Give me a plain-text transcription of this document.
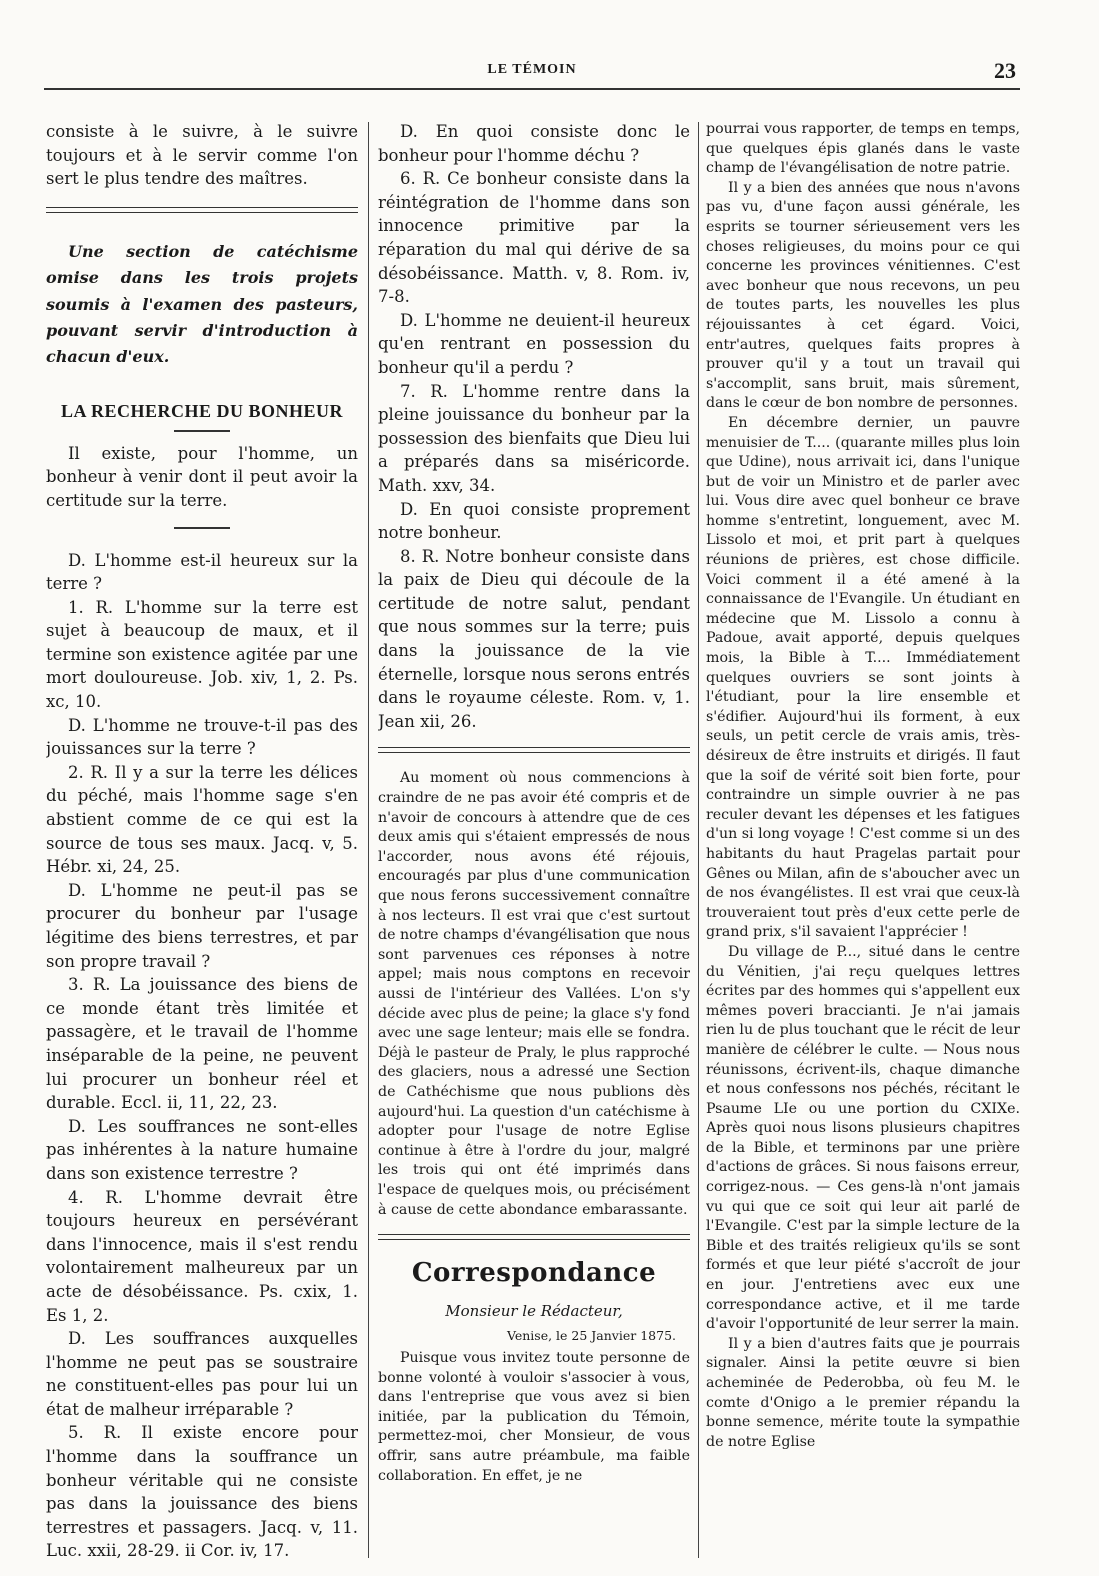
LE TÉMOIN	23

consiste à le suivre, à le suivre toujours et à le servir comme l'on sert le plus tendre des maîtres.

Une section de catéchisme omise dans les trois projets soumis à l'examen des pasteurs, pouvant servir d'introduction à chacun d'eux.

LA RECHERCHE DU BONHEUR

Il existe, pour l'homme, un bonheur à venir dont il peut avoir la certitude sur la terre.

D. L'homme est-il heureux sur la terre ?

1. R. L'homme sur la terre est sujet à beaucoup de maux, et il termine son existence agitée par une mort douloureuse. Job. xiv, 1, 2. Ps. xc, 10.

D. L'homme ne trouve-t-il pas des jouissances sur la terre ?

2. R. Il y a sur la terre les délices du péché, mais l'homme sage s'en abstient comme de ce qui est la source de tous ses maux. Jacq. v, 5. Hébr. xi, 24, 25.

D. L'homme ne peut-il pas se procurer du bonheur par l'usage légitime des biens terrestres, et par son propre travail ?

3. R. La jouissance des biens de ce monde étant très limitée et passagère, et le travail de l'homme inséparable de la peine, ne peuvent lui procurer un bonheur réel et durable. Eccl. ii, 11, 22, 23.

D. Les souffrances ne sont-elles pas inhérentes à la nature humaine dans son existence terrestre ?

4. R. L'homme devrait être toujours heureux en persévérant dans l'innocence, mais il s'est rendu volontairement malheureux par un acte de désobéissance. Ps. cxix, 1. Es 1, 2.

D. Les souffrances auxquelles l'homme ne peut pas se soustraire ne constituent-elles pas pour lui un état de malheur irréparable ?

5. R. Il existe encore pour l'homme dans la souffrance un bonheur véritable qui ne consiste pas dans la jouissance des biens terrestres et passagers. Jacq. v, 11. Luc. xxii, 28-29. ii Cor. iv, 17.

D. En quoi consiste donc le bonheur pour l'homme déchu ?

6. R. Ce bonheur consiste dans la réintégration de l'homme dans son innocence primitive par la réparation du mal qui dérive de sa désobéissance. Matth. v, 8. Rom. iv, 7-8.

D. L'homme ne deuient-il heureux qu'en rentrant en possession du bonheur qu'il a perdu ?

7. R. L'homme rentre dans la pleine jouissance du bonheur par la possession des bienfaits que Dieu lui a préparés dans sa miséricorde. Math. xxv, 34.

D. En quoi consiste proprement notre bonheur.

8. R. Notre bonheur consiste dans la paix de Dieu qui découle de la certitude de notre salut, pendant que nous sommes sur la terre; puis dans la jouissance de la vie éternelle, lorsque nous serons entrés dans le royaume céleste. Rom. v, 1. Jean xii, 26.

Au moment où nous commencions à craindre de ne pas avoir été compris et de n'avoir de concours à attendre que de ces deux amis qui s'étaient empressés de nous l'accorder, nous avons été réjouis, encouragés par plus d'une communication que nous ferons successivement connaître à nos lecteurs. Il est vrai que c'est surtout de notre champs d'évangélisation que nous sont parvenues ces réponses à notre appel; mais nous comptons en recevoir aussi de l'intérieur des Vallées. L'on s'y décide avec plus de peine; la glace s'y fond avec une sage lenteur; mais elle se fondra. Déjà le pasteur de Praly, le plus rapproché des glaciers, nous a adressé une Section de Cathéchisme que nous publions dès aujourd'hui. La question d'un catéchisme à adopter pour l'usage de notre Eglise continue à être à l'ordre du jour, malgré les trois qui ont été imprimés dans l'espace de quelques mois, ou précisément à cause de cette abondance embarassante.

Correspondance
Monsieur le Rédacteur,
Venise, le 25 Janvier 1875.

Puisque vous invitez toute personne de bonne volonté à vouloir s'associer à vous, dans l'entreprise que vous avez si bien initiée, par la publication du Témoin, permettez-moi, cher Monsieur, de vous offrir, sans autre préambule, ma faible collaboration. En effet, je ne

pourrai vous rapporter, de temps en temps, que quelques épis glanés dans le vaste champ de l'évangélisation de notre patrie.

Il y a bien des années que nous n'avons pas vu, d'une façon aussi générale, les esprits se tourner sérieusement vers les choses religieuses, du moins pour ce qui concerne les provinces vénitiennes. C'est avec bonheur que nous recevons, un peu de toutes parts, les nouvelles les plus réjouissantes à cet égard. Voici, entr'autres, quelques faits propres à prouver qu'il y a tout un travail qui s'accomplit, sans bruit, mais sûrement, dans le cœur de bon nombre de personnes.

En décembre dernier, un pauvre menuisier de T.... (quarante milles plus loin que Udine), nous arrivait ici, dans l'unique but de voir un Ministro et de parler avec lui. Vous dire avec quel bonheur ce brave homme s'entretint, longuement, avec M. Lissolo et moi, et prit part à quelques réunions de prières, est chose difficile. Voici comment il a été amené à la connaissance de l'Evangile. Un étudiant en médecine que M. Lissolo a connu à Padoue, avait apporté, depuis quelques mois, la Bible à T.... Immédiatement quelques ouvriers se sont joints à l'étudiant, pour la lire ensemble et s'édifier. Aujourd'hui ils forment, à eux seuls, un petit cercle de vrais amis, très-désireux de être instruits et dirigés. Il faut que la soif de vérité soit bien forte, pour contraindre un simple ouvrier à ne pas reculer devant les dépenses et les fatigues d'un si long voyage ! C'est comme si un des habitants du haut Pragelas partait pour Gênes ou Milan, afin de s'aboucher avec un de nos évangélistes. Il est vrai que ceux-là trouveraient tout près d'eux cette perle de grand prix, s'il savaient l'apprécier !

Du village de P..., situé dans le centre du Vénitien, j'ai reçu quelques lettres écrites par des hommes qui s'appellent eux mêmes poveri braccianti. Je n'ai jamais rien lu de plus touchant que le récit de leur manière de célébrer le culte. — Nous nous réunissons, écrivent-ils, chaque dimanche et nous confessons nos péchés, récitant le Psaume LIe ou une portion du CXIXe. Après quoi nous lisons plusieurs chapitres de la Bible, et terminons par une prière d'actions de grâces. Si nous faisons erreur, corrigez-nous. — Ces gens-là n'ont jamais vu qui que ce soit qui leur ait parlé de l'Evangile. C'est par la simple lecture de la Bible et des traités religieux qu'ils se sont formés et que leur piété s'accroît de jour en jour. J'entretiens avec eux une correspondance active, et il me tarde d'avoir l'opportunité de leur serrer la main.

Il y a bien d'autres faits que je pourrais signaler. Ainsi la petite œuvre si bien acheminée de Pederobba, où feu M. le comte d'Onigo a le premier répandu la bonne semence, mérite toute la sympathie de notre Eglise
